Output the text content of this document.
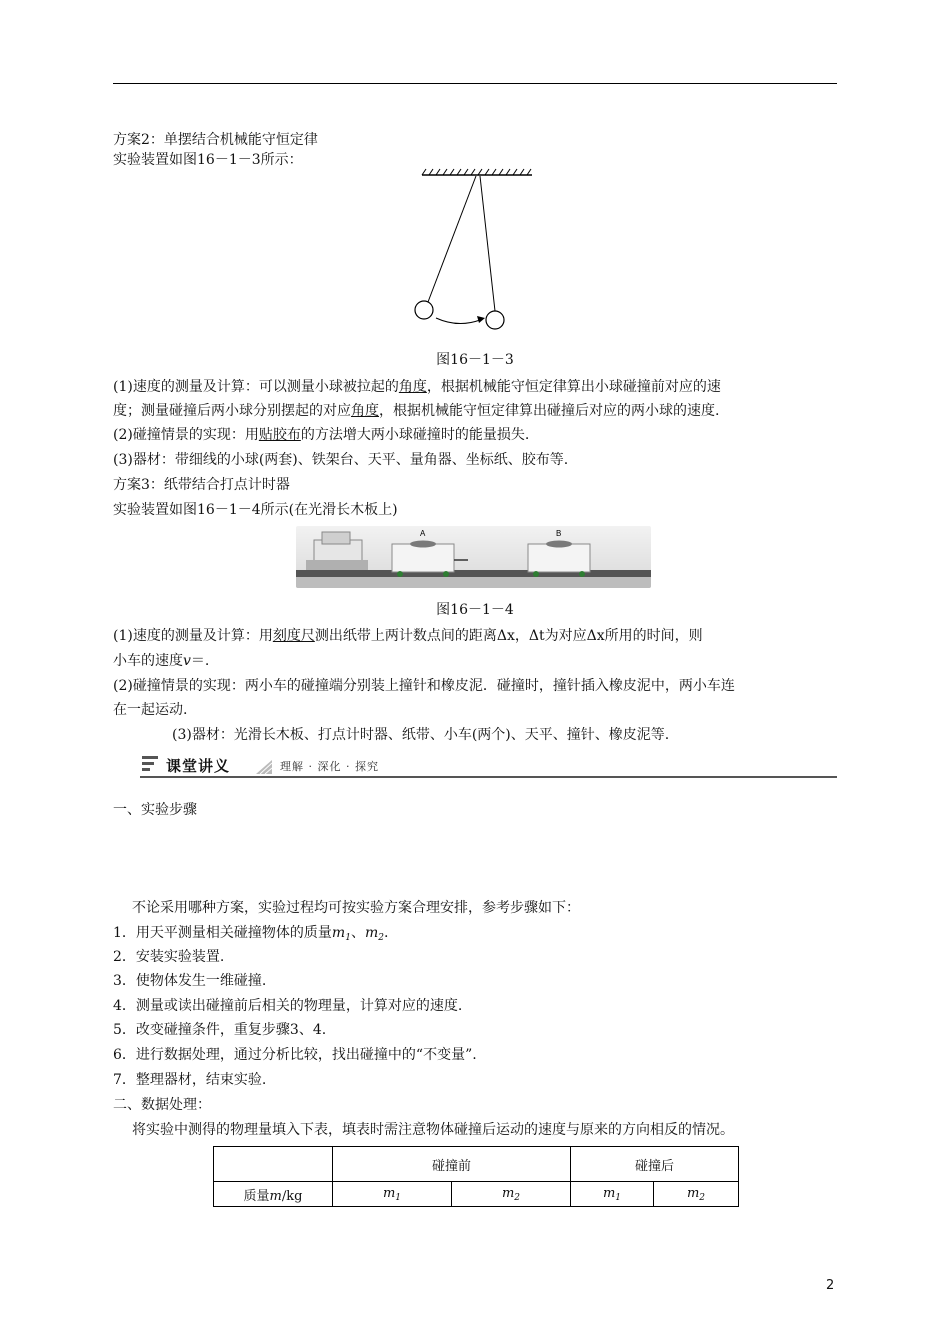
方案2：单摆结合机械能守恒定律
实验装置如图16－1－3所示：
图16－1－3
(1)速度的测量及计算：可以测量小球被拉起的角度，根据机械能守恒定律算出小球碰撞前对应的速
度；测量碰撞后两小球分别摆起的对应角度，根据机械能守恒定律算出碰撞后对应的两小球的速度.
(2)碰撞情景的实现：用贴胶布的方法增大两小球碰撞时的能量损失.
(3)器材：带细线的小球(两套)、铁架台、天平、量角器、坐标纸、胶布等.
方案3：纸带结合打点计时器
实验装置如图16－1－4所示(在光滑长木板上)
A	B
图16－1－4
(1)速度的测量及计算：用刻度尺测出纸带上两计数点间的距离Δx，Δt为对应Δx所用的时间，则
小车的速度v＝.
(2)碰撞情景的实现：两小车的碰撞端分别装上撞针和橡皮泥．碰撞时，撞针插入橡皮泥中，两小车连
在一起运动.
(3)器材：光滑长木板、打点计时器、纸带、小车(两个)、天平、撞针、橡皮泥等.
课堂讲义	理解 · 深化 · 探究
一、实验步骤
不论采用哪种方案，实验过程均可按实验方案合理安排，参考步骤如下：
1．用天平测量相关碰撞物体的质量$m_1$、$m_2$.
2．安装实验装置.
3．使物体发生一维碰撞.
4．测量或读出碰撞前后相关的物理量，计算对应的速度.
5．改变碰撞条件，重复步骤3、4.
6．进行数据处理，通过分析比较，找出碰撞中的“不变量”.
7．整理器材，结束实验.
二、数据处理：
将实验中测得的物理量填入下表，填表时需注意物体碰撞后运动的速度与原来的方向相反的情况。
	碰撞前		碰撞后	
质量m/kg	$m_1$	$m_2$	$m_1$	$m_2$
2
